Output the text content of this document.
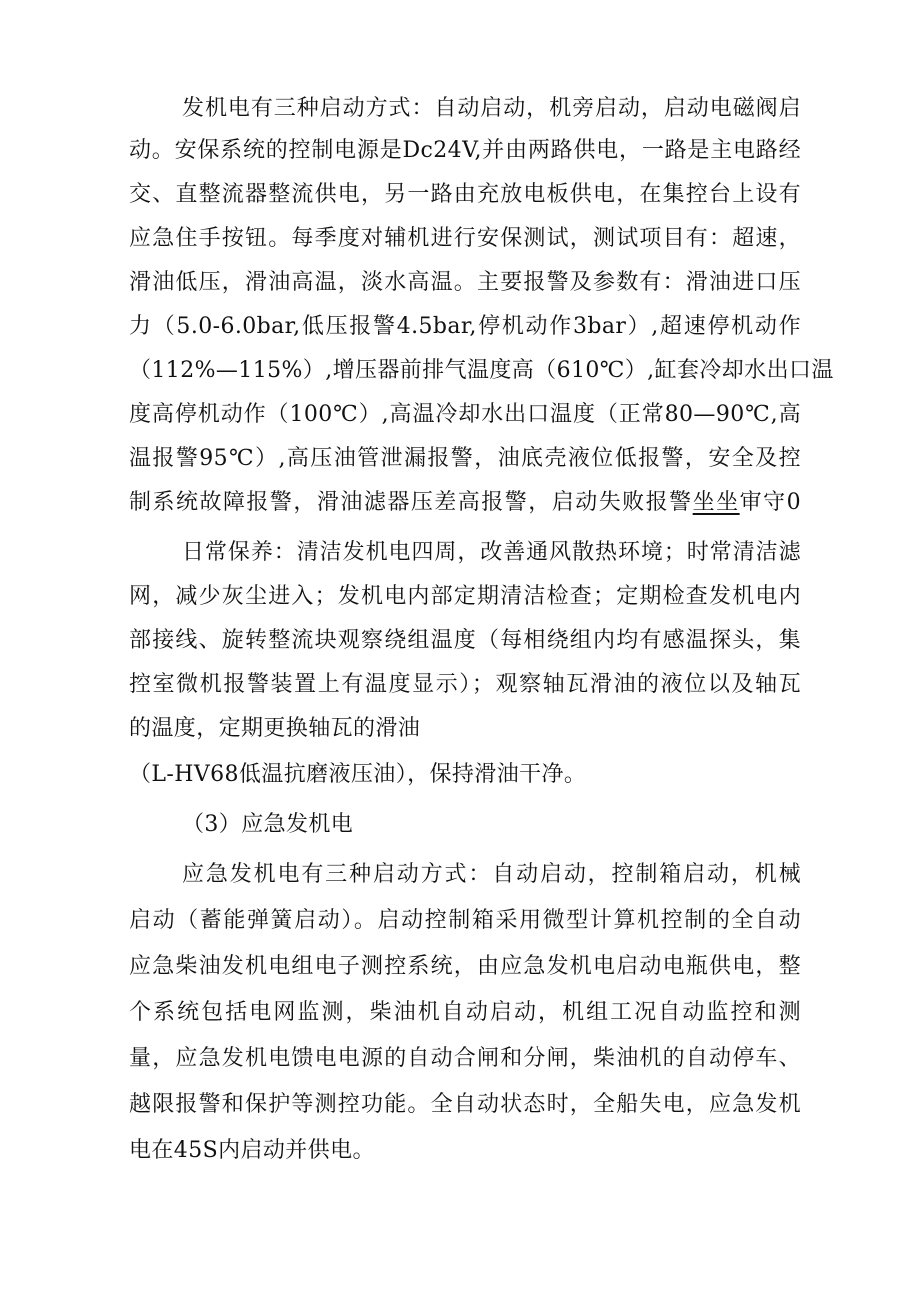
发机电有三种启动方式：自动启动，机旁启动，启动电磁阀启
动。安保系统的控制电源是Dc24V,并由两路供电，一路是主电路经
交、直整流器整流供电，另一路由充放电板供电，在集控台上设有
应急住手按钮。每季度对辅机进行安保测试，测试项目有：超速，
滑油低压，滑油高温，淡水高温。主要报警及参数有：滑油进口压
力（5.0-6.0bar,低压报警4.5bar,停机动作3bar）,超速停机动作
（112%—115%）,增压器前排气温度高（610℃）,缸套冷却水出口温
度高停机动作（100℃）,高温冷却水出口温度（正常80—90℃,高
温报警95℃）,高压油管泄漏报警，油底壳液位低报警，安全及控
制系统故障报警，滑油滤器压差高报警，启动失败报警坐坐审守0
日常保养：清洁发机电四周，改善通风散热环境；时常清洁滤
网，减少灰尘进入；发机电内部定期清洁检查；定期检查发机电内
部接线、旋转整流块观察绕组温度（每相绕组内均有感温探头，集
控室微机报警装置上有温度显示）；观察轴瓦滑油的液位以及轴瓦
的温度，定期更换轴瓦的滑油
（L-HV68低温抗磨液压油），保持滑油干净。
（3）应急发机电
应急发机电有三种启动方式：自动启动，控制箱启动，机械
启动（蓄能弹簧启动）。启动控制箱采用微型计算机控制的全自动
应急柴油发机电组电子测控系统，由应急发机电启动电瓶供电，整
个系统包括电网监测，柴油机自动启动，机组工况自动监控和测
量，应急发机电馈电电源的自动合闸和分闸，柴油机的自动停车、
越限报警和保护等测控功能。全自动状态时，全船失电，应急发机
电在45S内启动并供电。
